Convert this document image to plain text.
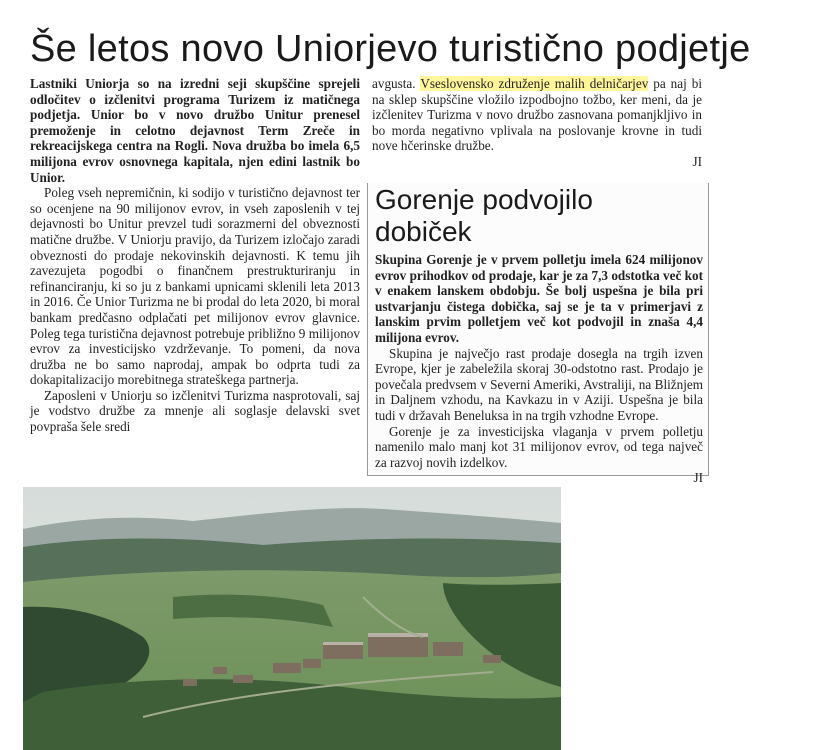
Še letos novo Uniorjevo turistično podjetje

Lastniki Uniorja so na izredni seji skupščine sprejeli odločitev o izčlenitvi programa Turizem iz matičnega podjetja. Unior bo v novo družbo Unitur prenesel premoženje in celotno dejavnost Term Zreče in rekreacijskega centra na Rogli. Nova družba bo imela 6,5 milijona evrov osnovnega kapitala, njen edini lastnik bo Unior.

Poleg vseh nepremičnin, ki sodijo v turistično dejavnost ter so ocenjene na 90 milijonov evrov, in vseh zaposlenih v tej dejavnosti bo Unitur prevzel tudi sorazmerni del obveznosti matične družbe. V Uniorju pravijo, da Turizem izločajo zaradi obveznosti do prodaje nekovinskih dejavnosti. K temu jih zavezujeta pogodbi o finančnem prestrukturiranju in refinanciranju, ki so ju z bankami upnicami sklenili leta 2013 in 2016. Če Unior Turizma ne bi prodal do leta 2020, bi moral bankam predčasno odplačati pet milijonov evrov glavnice. Poleg tega turistična dejavnost potrebuje približno 9 milijonov evrov za investicijsko vzdrževanje. To pomeni, da nova družba ne bo samo naprodaj, ampak bo odprta tudi za dokapitalizacijo morebitnega strateškega partnerja.

Zaposleni v Uniorju so izčlenitvi Turizma nasprotovali, saj je vodstvo družbe za mnenje ali soglasje delavski svet povpraša šele sredi

avgusta. Vseslovensko združenje malih delničarjev pa naj bi na sklep skupščine vložilo izpodbojno tožbo, ker meni, da je izčlenitev Turizma v novo družbo zasnovana pomanjkljivo in bo morda negativno vplivala na poslovanje krovne in tudi nove hčerinske družbe.

JI

Gorenje podvojilo dobiček

Skupina Gorenje je v prvem polletju imela 624 milijonov evrov prihodkov od prodaje, kar je za 7,3 odstotka več kot v enakem lanskem obdobju. Še bolj uspešna je bila pri ustvarjanju čistega dobička, saj se je ta v primerjavi z lanskim prvim polletjem več kot podvojil in znaša 4,4 milijona evrov.

Skupina je največjo rast prodaje dosegla na trgih izven Evrope, kjer je zabeležila skoraj 30-odstotno rast. Prodajo je povečala predvsem v Severni Ameriki, Avstraliji, na Bližnjem in Daljnem vzhodu, na Kavkazu in v Aziji. Uspešna je bila tudi v državah Beneluksa in na trgih vzhodne Evrope.

Gorenje je za investicijska vlaganja v prvem polletju namenilo malo manj kot 31 milijonov evrov, od tega največ za razvoj novih izdelkov.

JI
